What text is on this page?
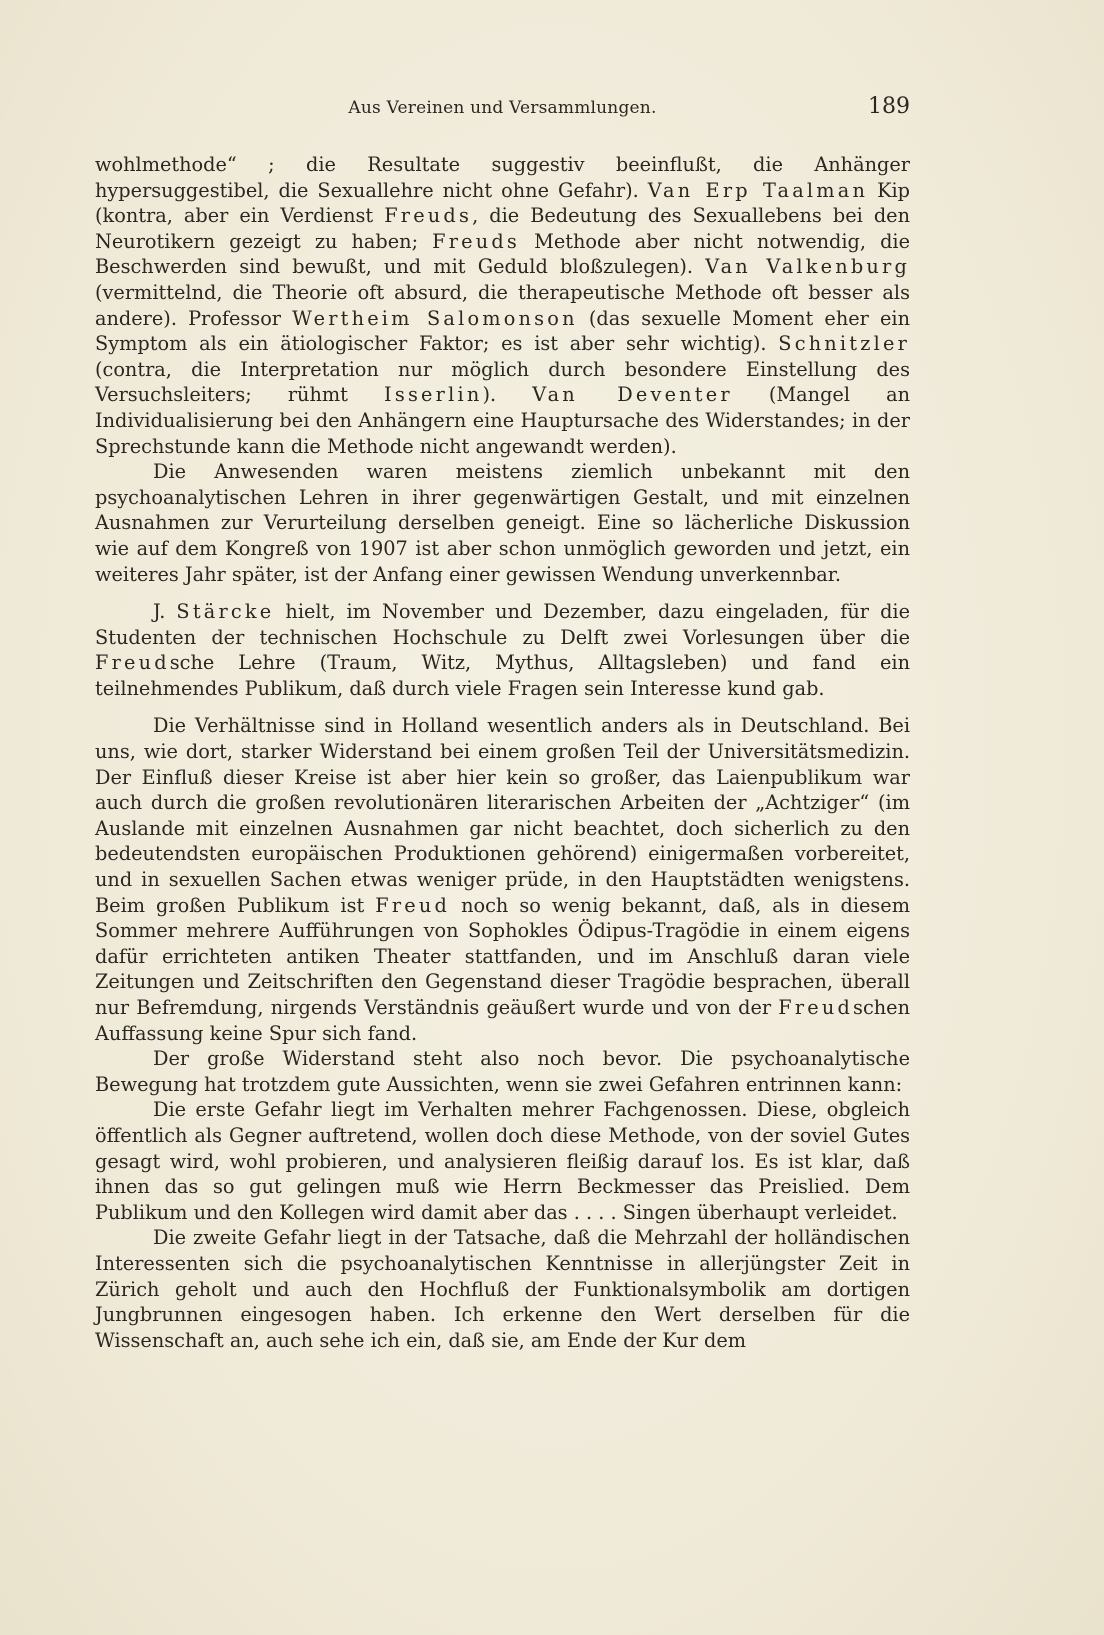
Aus Vereinen und Versammlungen.	189

wohlmethode“ ; die Resultate suggestiv beeinflußt, die Anhänger hypersuggestibel, die Sexuallehre nicht ohne Gefahr). Van Erp Taalman Kip (kontra, aber ein Verdienst Freuds, die Bedeutung des Sexuallebens bei den Neurotikern gezeigt zu haben; Freuds Methode aber nicht notwendig, die Beschwerden sind bewußt, und mit Geduld bloßzulegen). Van Valkenburg (vermittelnd, die Theorie oft absurd, die therapeutische Methode oft besser als andere). Professor Wertheim Salomonson (das sexuelle Moment eher ein Symptom als ein ätiologischer Faktor; es ist aber sehr wichtig). Schnitzler (contra, die Interpretation nur möglich durch besondere Einstellung des Versuchsleiters; rühmt Isserlin). Van Deventer (Mangel an Individualisierung bei den Anhängern eine Hauptursache des Widerstandes; in der Sprechstunde kann die Methode nicht angewandt werden).

Die Anwesenden waren meistens ziemlich unbekannt mit den psychoanalytischen Lehren in ihrer gegenwärtigen Gestalt, und mit einzelnen Ausnahmen zur Verurteilung derselben geneigt. Eine so lächerliche Diskussion wie auf dem Kongreß von 1907 ist aber schon unmöglich geworden und jetzt, ein weiteres Jahr später, ist der Anfang einer gewissen Wendung unverkennbar.

J. Stärcke hielt, im November und Dezember, dazu eingeladen, für die Studenten der technischen Hochschule zu Delft zwei Vorlesungen über die Freudsche Lehre (Traum, Witz, Mythus, Alltagsleben) und fand ein teilnehmendes Publikum, daß durch viele Fragen sein Interesse kund gab.

Die Verhältnisse sind in Holland wesentlich anders als in Deutschland. Bei uns, wie dort, starker Widerstand bei einem großen Teil der Universitätsmedizin. Der Einfluß dieser Kreise ist aber hier kein so großer, das Laienpublikum war auch durch die großen revolutionären literarischen Arbeiten der „Achtziger“ (im Auslande mit einzelnen Ausnahmen gar nicht beachtet, doch sicherlich zu den bedeutendsten europäischen Produktionen gehörend) einigermaßen vorbereitet, und in sexuellen Sachen etwas weniger prüde, in den Hauptstädten wenigstens. Beim großen Publikum ist Freud noch so wenig bekannt, daß, als in diesem Sommer mehrere Aufführungen von Sophokles Ödipus-Tragödie in einem eigens dafür errichteten antiken Theater stattfanden, und im Anschluß daran viele Zeitungen und Zeitschriften den Gegenstand dieser Tragödie besprachen, überall nur Befremdung, nirgends Verständnis geäußert wurde und von der Freudschen Auffassung keine Spur sich fand.

Der große Widerstand steht also noch bevor. Die psychoanalytische Bewegung hat trotzdem gute Aussichten, wenn sie zwei Gefahren entrinnen kann:

Die erste Gefahr liegt im Verhalten mehrer Fachgenossen. Diese, obgleich öffentlich als Gegner auftretend, wollen doch diese Methode, von der soviel Gutes gesagt wird, wohl probieren, und analysieren fleißig darauf los. Es ist klar, daß ihnen das so gut gelingen muß wie Herrn Beckmesser das Preislied. Dem Publikum und den Kollegen wird damit aber das . . . . Singen überhaupt verleidet.

Die zweite Gefahr liegt in der Tatsache, daß die Mehrzahl der holländischen Interessenten sich die psychoanalytischen Kenntnisse in allerjüngster Zeit in Zürich geholt und auch den Hochfluß der Funktionalsymbolik am dortigen Jungbrunnen eingesogen haben. Ich erkenne den Wert derselben für die Wissenschaft an, auch sehe ich ein, daß sie, am Ende der Kur dem
